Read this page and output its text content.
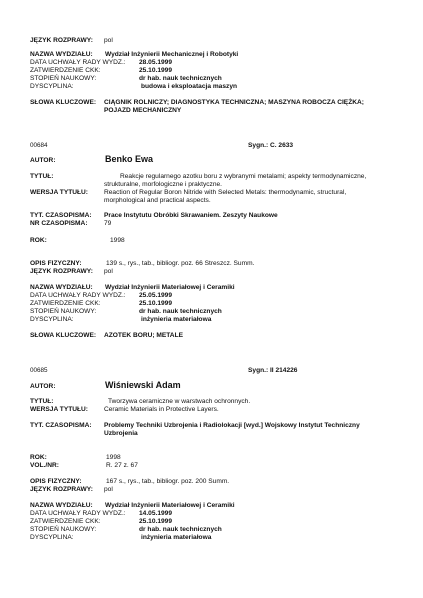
JĘZYK ROZPRAWY: pol
NAZWA WYDZIAŁU: Wydział Inżynierii Mechanicznej i Robotyki
DATA UCHWAŁY RADY WYDZ.: 28.05.1999
ZATWIERDZENIE CKK:	25.10.1999
STOPIEŃ NAUKOWY:	dr hab. nauk technicznych
DYSCYPLINA:	budowa i eksploatacja maszyn
SŁOWA KLUCZOWE: CIĄGNIK ROLNICZY; DIAGNOSTYKA TECHNICZNA; MASZYNA ROBOCZA CIĘŻKA;
POJAZD MECHANICZNY
00684	Sygn.: C. 2633
AUTOR:	Benko Ewa
TYTUŁ:	Reakcje regularnego azotku boru z wybranymi metalami; aspekty termodynamiczne,
strukturalne, morfologiczne i praktyczne.
WERSJA TYTUŁU: Reaction of Regular Boron Nitride with Selected Metals: thermodynamic, structural,
morphological and practical aspects.
TYT. CZASOPISMA: Prace Instytutu Obróbki Skrawaniem. Zeszyty Naukowe
NR CZASOPISMA: 79
ROK:	1998
OPIS FIZYCZNY:	139 s., rys., tab., bibliogr. poz. 66 Streszcz. Summ.
JĘZYK ROZPRAWY: pol
NAZWA WYDZIAŁU: Wydział Inżynierii Materiałowej i Ceramiki
DATA UCHWAŁY RADY WYDZ.: 25.05.1999
ZATWIERDZENIE CKK:	25.10.1999
STOPIEŃ NAUKOWY:	dr hab. nauk technicznych
DYSCYPLINA:	inżynieria materiałowa
SŁOWA KLUCZOWE: AZOTEK BORU; METALE
00685	Sygn.: II 214226
AUTOR:	Wiśniewski Adam
TYTUŁ:	Tworzywa ceramiczne w warstwach ochronnych.
WERSJA TYTUŁU: Ceramic Materials in Protective Layers.
TYT. CZASOPISMA: Problemy Techniki Uzbrojenia i Radiolokacji [wyd.] Wojskowy Instytut Techniczny
Uzbrojenia
ROK:	1998
VOL./NR:	R. 27 z. 67
OPIS FIZYCZNY:	167 s., rys., tab., bibliogr. poz. 200 Summ.
JĘZYK ROZPRAWY: pol
NAZWA WYDZIAŁU: Wydział Inżynierii Materiałowej i Ceramiki
DATA UCHWAŁY RADY WYDZ.: 14.05.1999
ZATWIERDZENIE CKK:	25.10.1999
STOPIEŃ NAUKOWY:	dr hab. nauk technicznych
DYSCYPLINA:	inżynieria materiałowa
